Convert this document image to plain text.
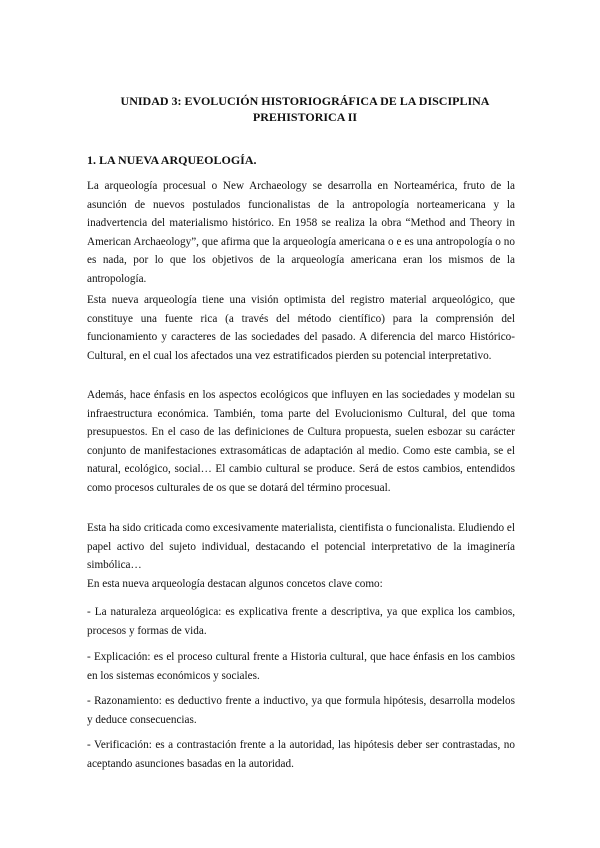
UNIDAD 3: EVOLUCIÓN HISTORIOGRÁFICA DE LA DISCIPLINA
PREHISTORICA II
1. LA NUEVA ARQUEOLOGÍA.

La arqueología procesual o New Archaeology se desarrolla en Norteamérica, fruto de la asunción de nuevos postulados funcionalistas de la antropología norteamericana y la inadvertencia del materialismo histórico. En 1958 se realiza la obra “Method and Theory in American Archaeology”, que afirma que la arqueología americana o e es una antropología o no es nada, por lo que los objetivos de la arqueología americana eran los mismos de la antropología.

Esta nueva arqueología tiene una visión optimista del registro material arqueológico, que constituye una fuente rica (a través del método científico) para la comprensión del funcionamiento y caracteres de las sociedades del pasado. A diferencia del marco Histórico-Cultural, en el cual los afectados una vez estratificados pierden su potencial interpretativo.

Además, hace énfasis en los aspectos ecológicos que influyen en las sociedades y modelan su infraestructura económica. También, toma parte del Evolucionismo Cultural, del que toma presupuestos. En el caso de las definiciones de Cultura propuesta, suelen esbozar su carácter conjunto de manifestaciones extrasomáticas de adaptación al medio. Como este cambia, se el natural, ecológico, social… El cambio cultural se produce. Será de estos cambios, entendidos como procesos culturales de os que se dotará del término procesual.

Esta ha sido criticada como excesivamente materialista, cientifista o funcionalista. Eludiendo el papel activo del sujeto individual, destacando el potencial interpretativo de la imaginería simbólica…

En esta nueva arqueología destacan algunos concetos clave como:

- La naturaleza arqueológica: es explicativa frente a descriptiva, ya que explica los cambios, procesos y formas de vida.

- Explicación: es el proceso cultural frente a Historia cultural, que hace énfasis en los cambios en los sistemas económicos y sociales.

- Razonamiento: es deductivo frente a inductivo, ya que formula hipótesis, desarrolla modelos y deduce consecuencias.

- Verificación: es a contrastación frente a la autoridad, las hipótesis deber ser contrastadas, no aceptando asunciones basadas en la autoridad.
